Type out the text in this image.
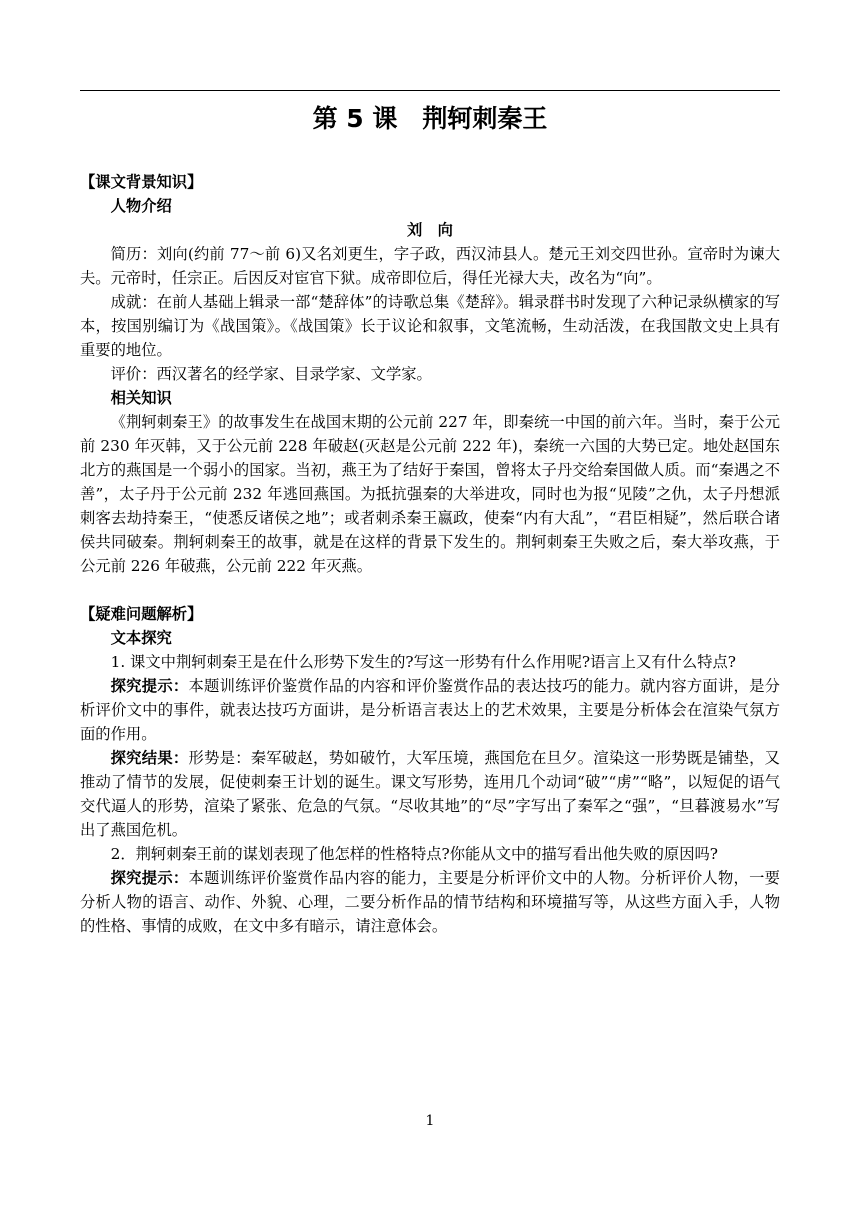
第 5 课　荆轲刺秦王

【课文背景知识】

人物介绍

刘　向

简历：刘向(约前 77～前 6)又名刘更生，字子政，西汉沛县人。楚元王刘交四世孙。宣帝时为谏大夫。元帝时，任宗正。后因反对宦官下狱。成帝即位后，得任光禄大夫，改名为“向”。

成就：在前人基础上辑录一部“楚辞体”的诗歌总集《楚辞》。辑录群书时发现了六种记录纵横家的写本，按国别编订为《战国策》。《战国策》长于议论和叙事，文笔流畅，生动活泼，在我国散文史上具有重要的地位。

评价：西汉著名的经学家、目录学家、文学家。

相关知识

《荆轲刺秦王》的故事发生在战国末期的公元前 227 年，即秦统一中国的前六年。当时，秦于公元前 230 年灭韩，又于公元前 228 年破赵(灭赵是公元前 222 年)，秦统一六国的大势已定。地处赵国东北方的燕国是一个弱小的国家。当初，燕王为了结好于秦国，曾将太子丹交给秦国做人质。而“秦遇之不善”，太子丹于公元前 232 年逃回燕国。为抵抗强秦的大举进攻，同时也为报“见陵”之仇，太子丹想派刺客去劫持秦王，“使悉反诸侯之地”；或者刺杀秦王嬴政，使秦“内有大乱”，“君臣相疑”，然后联合诸侯共同破秦。荆轲刺秦王的故事，就是在这样的背景下发生的。荆轲刺秦王失败之后，秦大举攻燕，于公元前 226 年破燕，公元前 222 年灭燕。

【疑难问题解析】

文本探究

1. 课文中荆轲刺秦王是在什么形势下发生的?写这一形势有什么作用呢?语言上又有什么特点?

探究提示：本题训练评价鉴赏作品的内容和评价鉴赏作品的表达技巧的能力。就内容方面讲，是分析评价文中的事件，就表达技巧方面讲，是分析语言表达上的艺术效果，主要是分析体会在渲染气氛方面的作用。

探究结果：形势是：秦军破赵，势如破竹，大军压境，燕国危在旦夕。渲染这一形势既是铺垫，又推动了情节的发展，促使刺秦王计划的诞生。课文写形势，连用几个动词“破”“虏”“略”，以短促的语气交代逼人的形势，渲染了紧张、危急的气氛。“尽收其地”的“尽”字写出了秦军之“强”，“旦暮渡易水”写出了燕国危机。

2．荆轲刺秦王前的谋划表现了他怎样的性格特点?你能从文中的描写看出他失败的原因吗?

探究提示：本题训练评价鉴赏作品内容的能力，主要是分析评价文中的人物。分析评价人物，一要分析人物的语言、动作、外貌、心理，二要分析作品的情节结构和环境描写等，从这些方面入手，人物的性格、事情的成败，在文中多有暗示，请注意体会。

1
